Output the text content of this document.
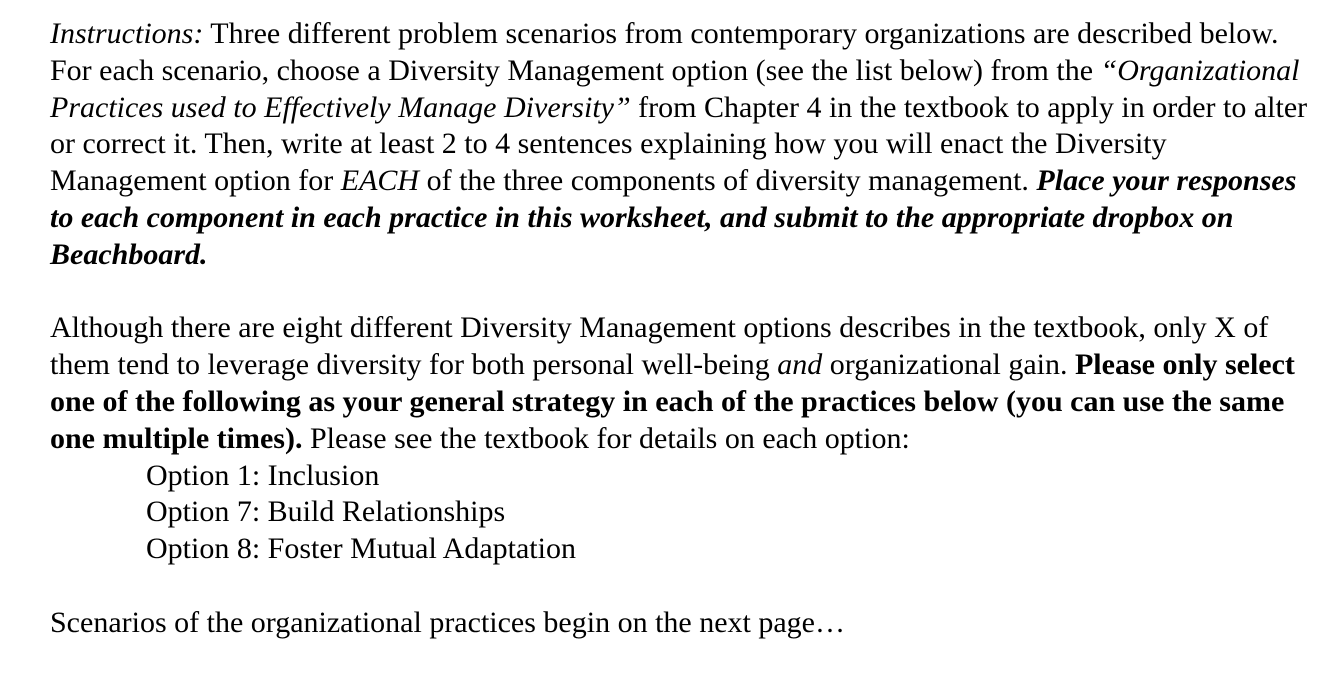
Instructions: Three different problem scenarios from contemporary organizations are described below. For each scenario, choose a Diversity Management option (see the list below) from the “Organizational Practices used to Effectively Manage Diversity” from Chapter 4 in the textbook to apply in order to alter or correct it. Then, write at least 2 to 4 sentences explaining how you will enact the Diversity Management option for EACH of the three components of diversity management. Place your responses to each component in each practice in this worksheet, and submit to the appropriate dropbox on Beachboard.

Although there are eight different Diversity Management options describes in the textbook, only X of them tend to leverage diversity for both personal well-being and organizational gain. Please only select one of the following as your general strategy in each of the practices below (you can use the same one multiple times). Please see the textbook for details on each option:

Option 1: Inclusion
Option 7: Build Relationships
Option 8: Foster Mutual Adaptation

Scenarios of the organizational practices begin on the next page…
